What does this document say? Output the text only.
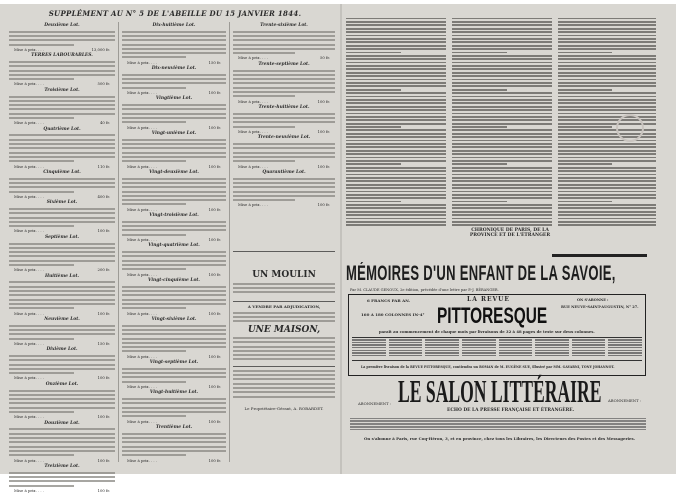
SUPPLÉMENT AU N° 5 DE L'ABEILLE DU 15 JANVIER 1844.
Deuxième Lot.
Mise à prix. . . .	13,000 fr.
TERRES LABOURABLES.
Mise à prix. . . .	500 fr.
Troisième Lot.
Mise à prix. . . .	40 fr.
Quatrième Lot.
Mise à prix. . . .	110 fr.
Cinquième Lot.
Mise à prix. . . .	400 fr.
Sixième Lot.
Mise à prix. . . .	100 fr.
Septième Lot.
Mise à prix. . . .	200 fr.
Huitième Lot.
Mise à prix. . . .	100 fr.
Neuvième Lot.
Mise à prix. . . .	150 fr.
Dixième Lot.
Mise à prix. . . .	100 fr.
Onzième Lot.
Mise à prix. . . .	100 fr.
Douzième Lot.
Mise à prix. . . .	100 fr.
Treizième Lot.
Mise à prix. . . .	100 fr.
Dix-huitième Lot.
Mise à prix. . . .	150 fr.
Dix-neuvième Lot.
Mise à prix. . . .	100 fr.
Vingtième Lot.
Mise à prix. . . .	100 fr.
Vingt-unième Lot.
Mise à prix. . . .	100 fr.
Vingt-deuxième Lot.
Mise à prix. . . .	100 fr.
Vingt-troisième Lot.
Mise à prix. . . .	100 fr.
Vingt-quatrième Lot.
Mise à prix. . . .	100 fr.
Vingt-cinquième Lot.
Mise à prix. . . .	100 fr.
Vingt-sixième Lot.
Mise à prix. . . .	100 fr.
Vingt-septième Lot.
Mise à prix. . . .	100 fr.
Vingt-huitième Lot.
Mise à prix. . . .	100 fr.
Trentième Lot.
Mise à prix. . . .	100 fr.
Trente-sixième Lot.
Mise à prix. . . .	50 fr.
Trente-septième Lot.
Mise à prix. . . .	100 fr.
Trente-huitième Lot.
Mise à prix. . . .	100 fr.
Trente-neuvième Lot.
Mise à prix. . . .	100 fr.
Quarantième Lot.
Mise à prix. . . .	100 fr.
UN MOULIN
A VENDRE PAR ADJUDICATION,
UNE MAISON,
Le Propriétaire-Gérant, A. ROBARDET.
CHRONIQUE DE PARIS, DE LA PROVINCE ET DE L'ÉTRANGER
MÉMOIRES D'UN ENFANT DE LA SAVOIE,
Par M. CLAUDE GENOUX, 2e édition, précédée d'une lettre par P.-J. BÉRANGER.
6 FRANCS PAR AN.
160 A 180 COLONNES IN-4°
LA REVUE
PITTORESQUE
ON S'ABONNE :
RUE NEUVE-SAINT-AUGUSTIN, N° 27.
paraît au commencement de chaque mois par livraisons de 32 à 48 pages de texte sur deux colonnes.
La première livraison de la REVUE PITTORESQUE, contiendra un ROMAN de M. EUGÈNE SUE, illustré par MM. GAVARNI, TONY JOHANNOT.
LE SALON LITTÉRAIRE
ECHO DE LA PRESSE FRANÇAISE ET ÉTRANGÈRE.
ABONNEMENT :
ABONNEMENT :
On s'abonne à Paris, rue Coq-Héron, 3, et en province, chez tous les Libraires, les Directeurs des Postes et des Messageries.
